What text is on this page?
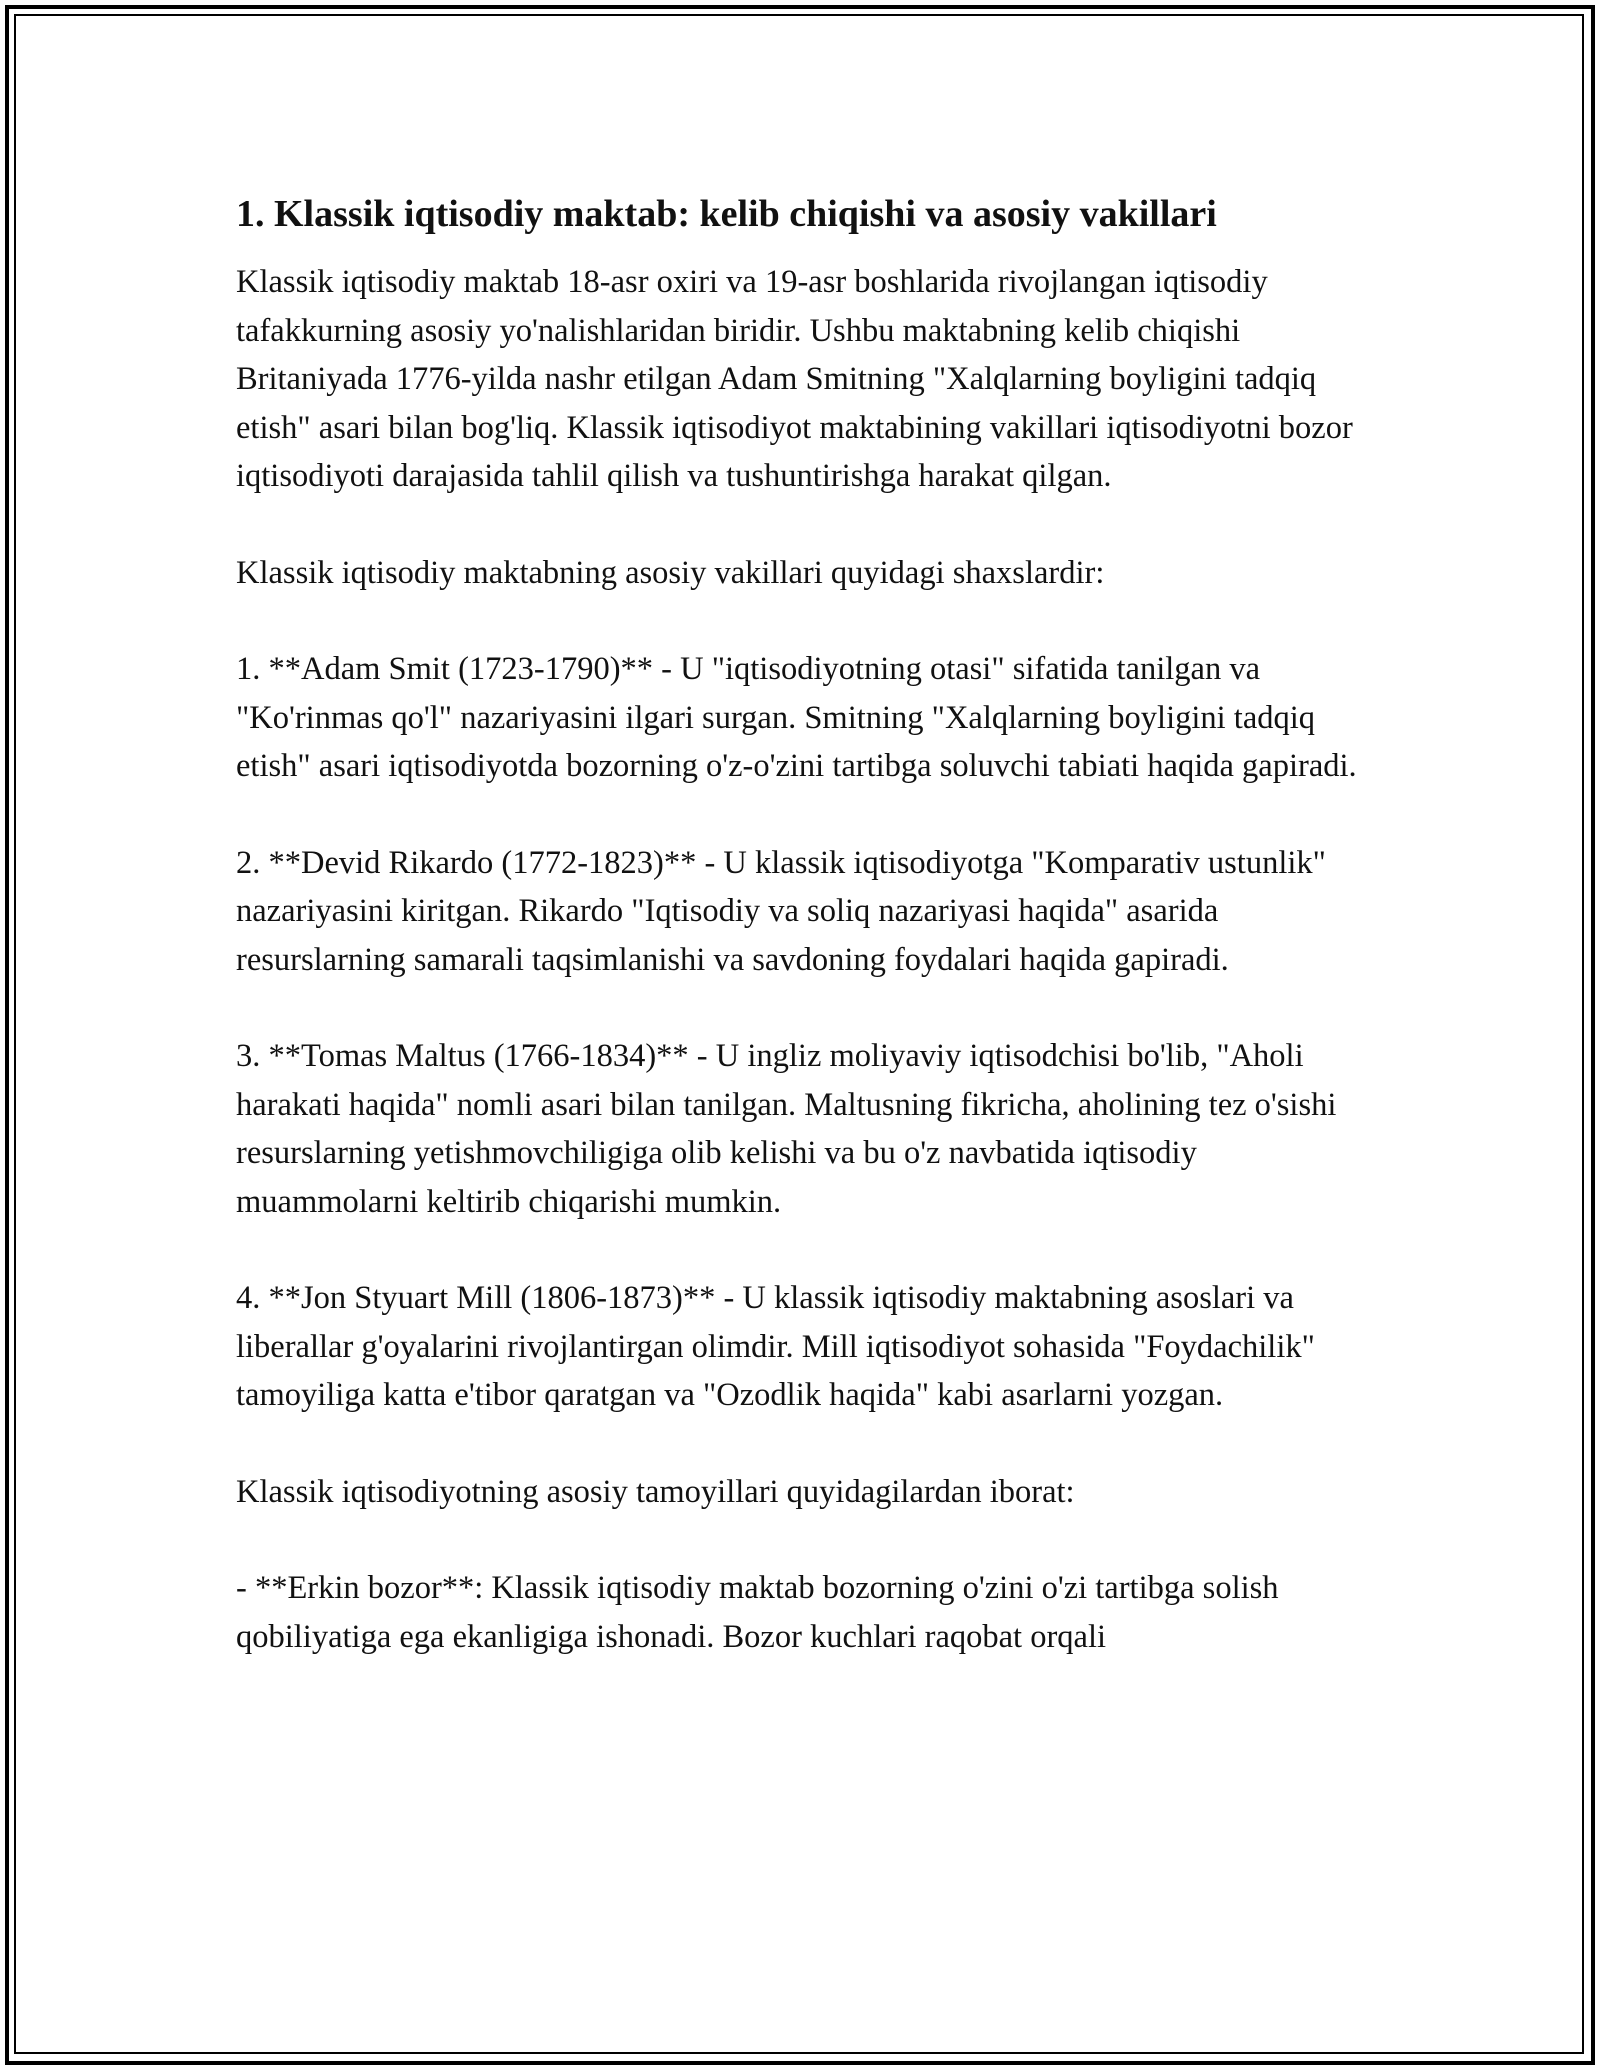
1. Klassik iqtisodiy maktab: kelib chiqishi va asosiy vakillari

Klassik iqtisodiy maktab 18-asr oxiri va 19-asr boshlarida rivojlangan iqtisodiy tafakkurning asosiy yo'nalishlaridan biridir. Ushbu maktabning kelib chiqishi Britaniyada 1776-yilda nashr etilgan Adam Smitning "Xalqlarning boyligini tadqiq etish" asari bilan bog'liq. Klassik iqtisodiyot maktabining vakillari iqtisodiyotni bozor iqtisodiyoti darajasida tahlil qilish va tushuntirishga harakat qilgan.

Klassik iqtisodiy maktabning asosiy vakillari quyidagi shaxslardir:

1. **Adam Smit (1723-1790)** - U "iqtisodiyotning otasi" sifatida tanilgan va "Ko'rinmas qo'l" nazariyasini ilgari surgan. Smitning "Xalqlarning boyligini tadqiq etish" asari iqtisodiyotda bozorning o'z-o'zini tartibga soluvchi tabiati haqida gapiradi.

2. **Devid Rikardo (1772-1823)** - U klassik iqtisodiyotga "Komparativ ustunlik" nazariyasini kiritgan. Rikardo "Iqtisodiy va soliq nazariyasi haqida" asarida resurslarning samarali taqsimlanishi va savdoning foydalari haqida gapiradi.

3. **Tomas Maltus (1766-1834)** - U ingliz moliyaviy iqtisodchisi bo'lib, "Aholi harakati haqida" nomli asari bilan tanilgan. Maltusning fikricha, aholining tez o'sishi resurslarning yetishmovchiligiga olib kelishi va bu o'z navbatida iqtisodiy muammolarni keltirib chiqarishi mumkin.

4. **Jon Styuart Mill (1806-1873)** - U klassik iqtisodiy maktabning asoslari va liberallar g'oyalarini rivojlantirgan olimdir. Mill iqtisodiyot sohasida "Foydachilik" tamoyiliga katta e'tibor qaratgan va "Ozodlik haqida" kabi asarlarni yozgan.

Klassik iqtisodiyotning asosiy tamoyillari quyidagilardan iborat:

- **Erkin bozor**: Klassik iqtisodiy maktab bozorning o'zini o'zi tartibga solish qobiliyatiga ega ekanligiga ishonadi. Bozor kuchlari raqobat orqali
